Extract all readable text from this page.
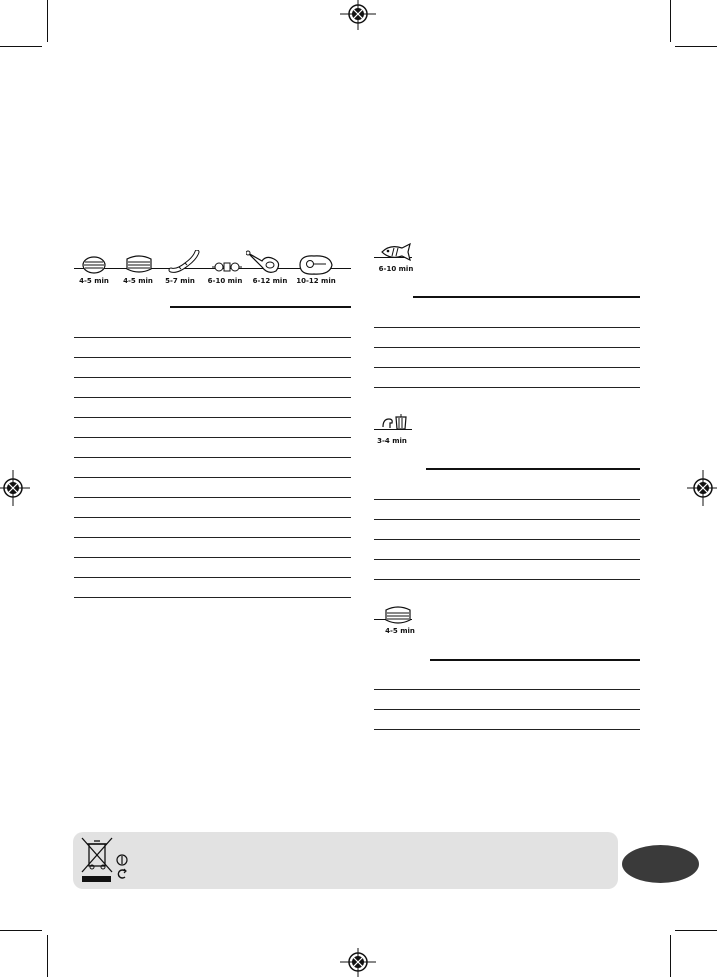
4-5 min	4-5 min	5-7 min	6-10 min 6-12 min 10-12 min
6-10 min
3-4 min
4-5 min
